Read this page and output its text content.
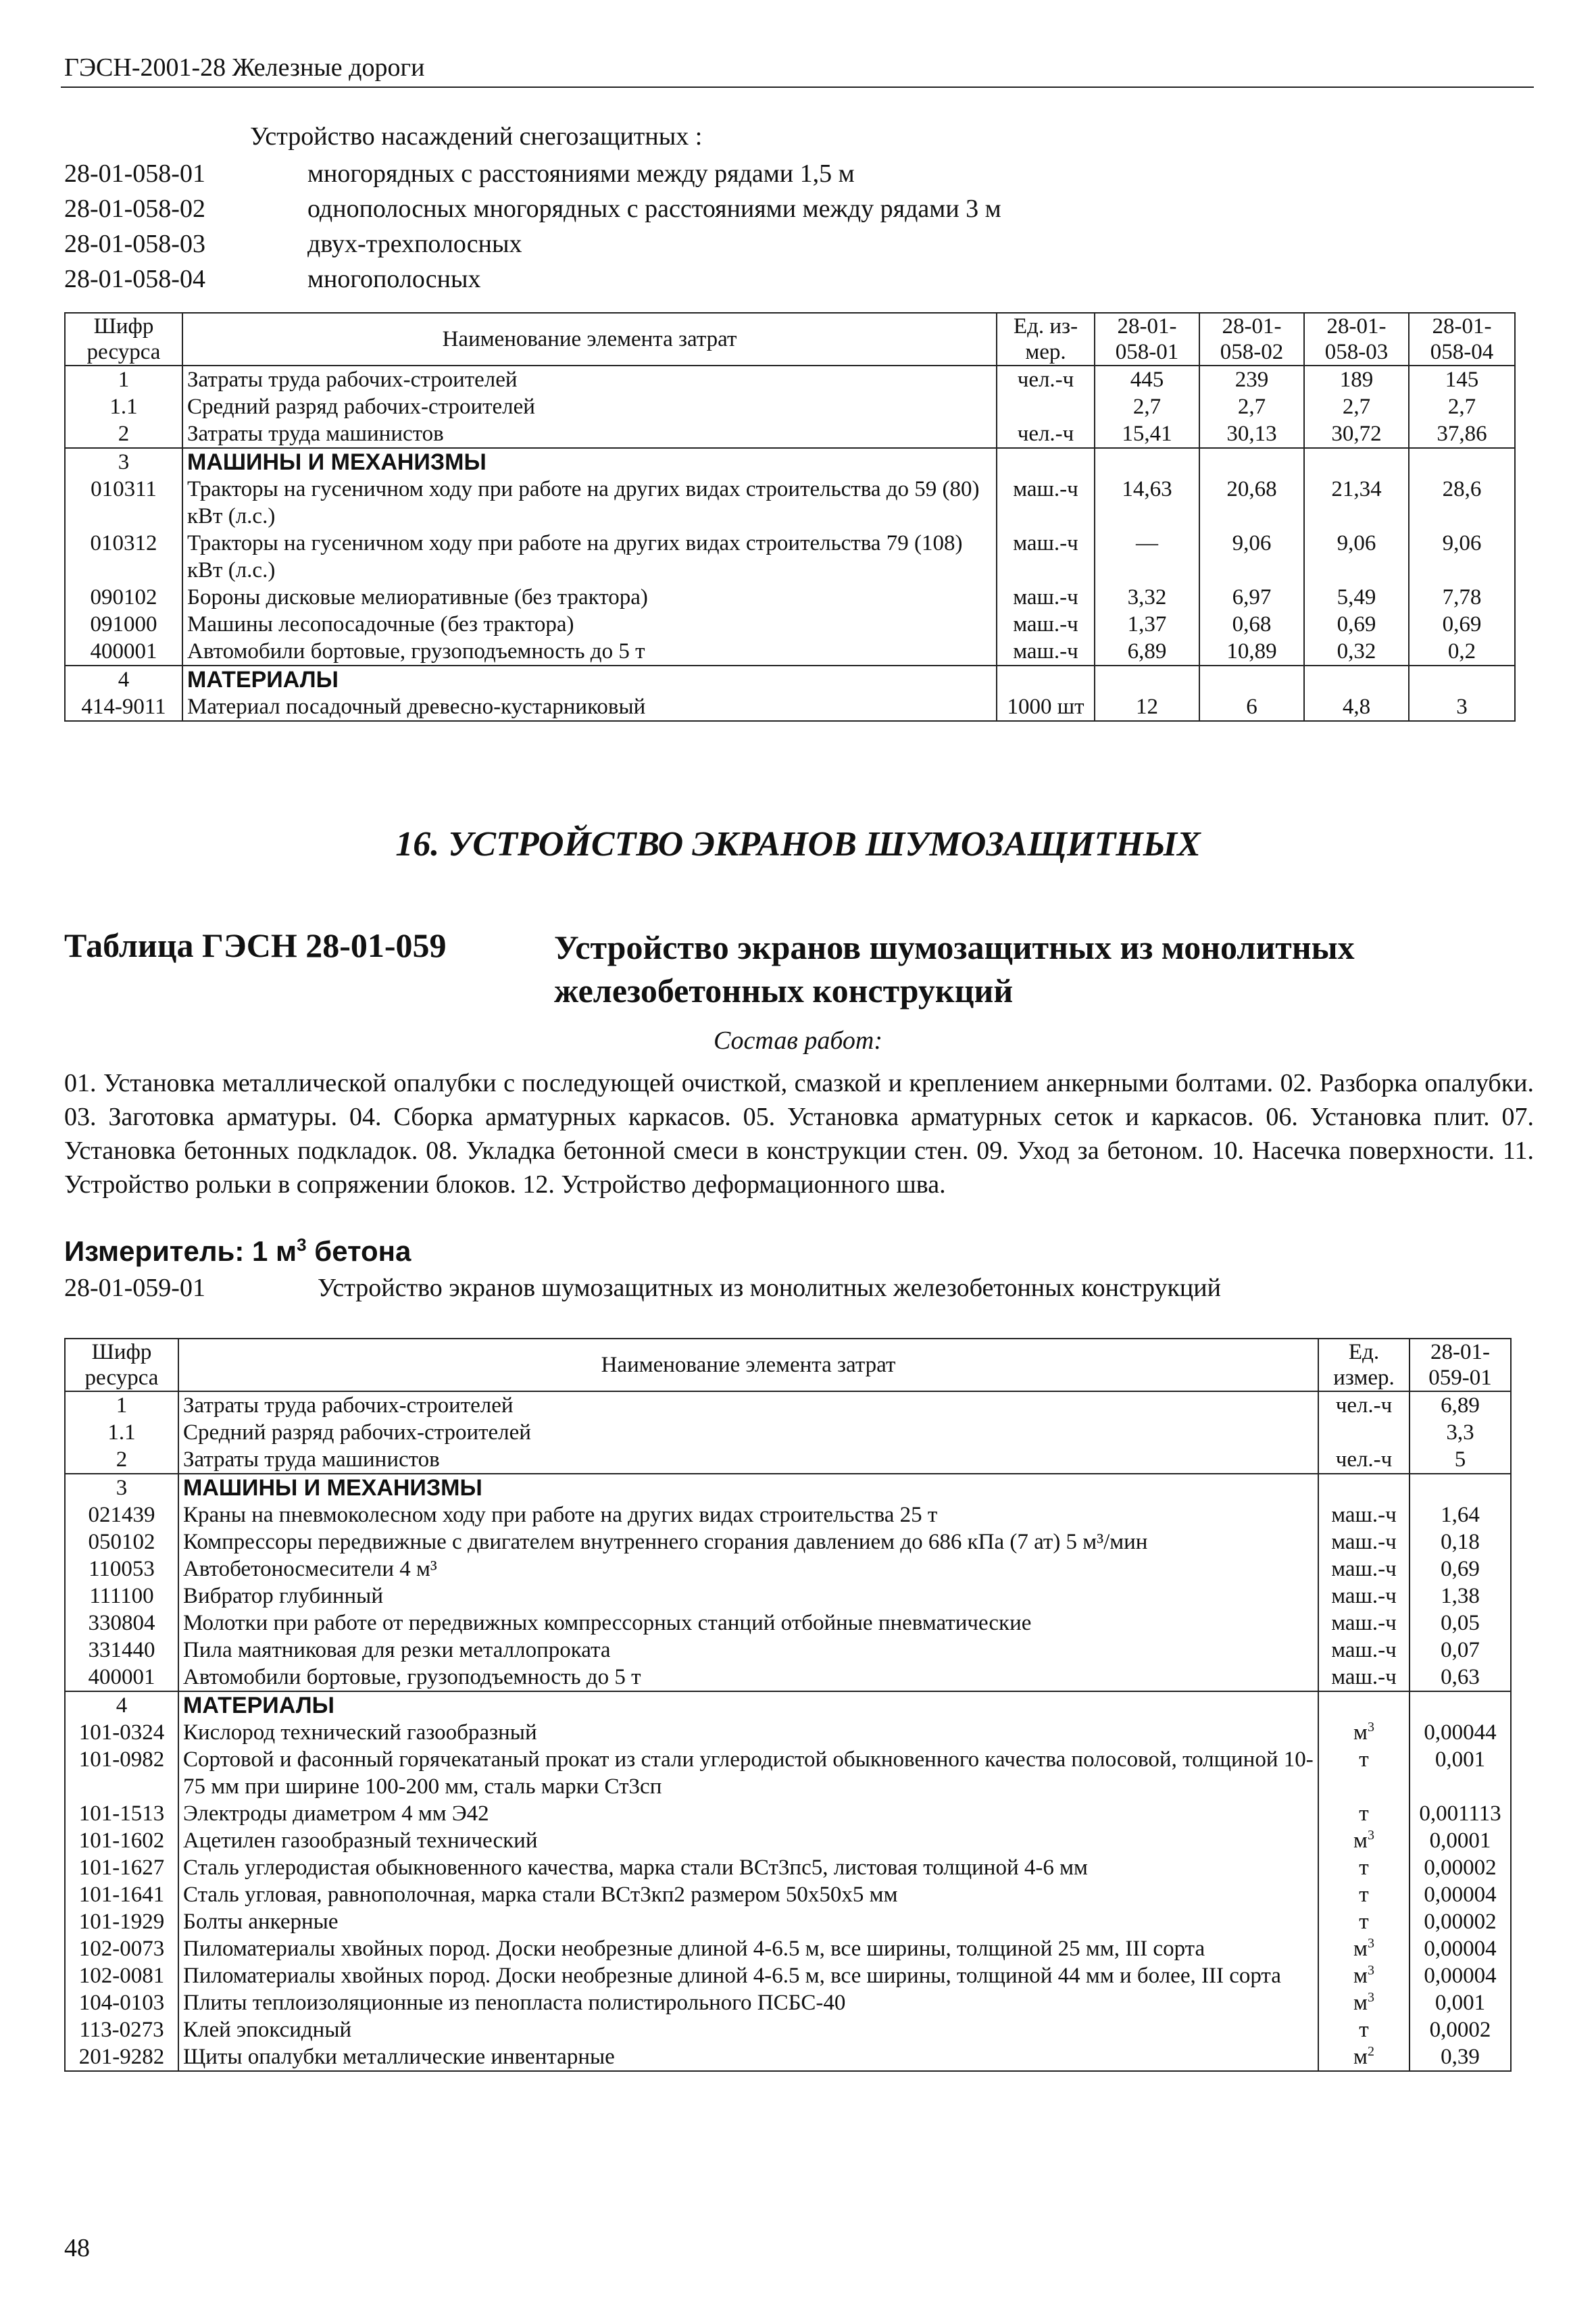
ГЭСН-2001-28 Железные дороги
Устройство насаждений снегозащитных :
28-01-058-01	многорядных с расстояниями между рядами 1,5 м
28-01-058-02	однополосных многорядных с расстояниями между рядами 3 м
28-01-058-03	двух-трехполосных
28-01-058-04	многополосных
Шифр ресурса	Наименование элемента затрат	Ед. из-мер.	28-01-058-01	28-01-058-02	28-01-058-03	28-01-058-04
1	Затраты труда рабочих-строителей	чел.-ч	445	239	189	145
1.1	Средний разряд рабочих-строителей		2,7	2,7	2,7	2,7
2	Затраты труда машинистов	чел.-ч	15,41	30,13	30,72	37,86
3	МАШИНЫ И МЕХАНИЗМЫ					
010311	Тракторы на гусеничном ходу при работе на других видах строительства до 59 (80) кВт (л.с.)	маш.-ч	14,63	20,68	21,34	28,6
010312	Тракторы на гусеничном ходу при работе на других видах строительства 79 (108) кВт (л.с.)	маш.-ч	—	9,06	9,06	9,06
090102	Бороны дисковые мелиоративные (без трактора)	маш.-ч	3,32	6,97	5,49	7,78
091000	Машины лесопосадочные (без трактора)	маш.-ч	1,37	0,68	0,69	0,69
400001	Автомобили бортовые, грузоподъемность до 5 т	маш.-ч	6,89	10,89	0,32	0,2
4	МАТЕРИАЛЫ					
414-9011	Материал посадочный древесно-кустарниковый	1000 шт	12	6	4,8	3
16. УСТРОЙСТВО ЭКРАНОВ ШУМОЗАЩИТНЫХ
Таблица ГЭСН 28-01-059	Устройство экранов шумозащитных из монолитных железобетонных конструкций
Состав работ:
01. Установка металлической опалубки с последующей очисткой, смазкой и креплением анкерными болтами. 02. Разборка опалубки. 03. Заготовка арматуры. 04. Сборка арматурных каркасов. 05. Установка арматурных сеток и каркасов. 06. Установка плит. 07. Установка бетонных подкладок. 08. Укладка бетонной смеси в конструкции стен. 09. Уход за бетоном. 10. Насечка поверхности. 11. Устройство рольки в сопряжении блоков. 12. Устройство деформационного шва.
Измеритель: 1 $м^3$ бетона
28-01-059-01	Устройство экранов шумозащитных из монолитных железобетонных конструкций
Шифр ресурса	Наименование элемента затрат	Ед. измер.	28-01-059-01
1	Затраты труда рабочих-строителей	чел.-ч	6,89
1.1	Средний разряд рабочих-строителей		3,3
2	Затраты труда машинистов	чел.-ч	5
3	МАШИНЫ И МЕХАНИЗМЫ		
021439	Краны на пневмоколесном ходу при работе на других видах строительства 25 т	маш.-ч	1,64
050102	Компрессоры передвижные с двигателем внутреннего сгорания давлением до 686 кПа (7 ат) 5 м³/мин	маш.-ч	0,18
110053	Автобетоносмесители 4 м³	маш.-ч	0,69
111100	Вибратор глубинный	маш.-ч	1,38
330804	Молотки при работе от передвижных компрессорных станций отбойные пневматические	маш.-ч	0,05
331440	Пила маятниковая для резки металлопроката	маш.-ч	0,07
400001	Автомобили бортовые, грузоподъемность до 5 т	маш.-ч	0,63
4	МАТЕРИАЛЫ		
101-0324	Кислород технический газообразный	$м^3$	0,00044
101-0982	Сортовой и фасонный горячекатаный прокат из стали углеродистой обыкновенного качества полосовой, толщиной 10-75 мм при ширине 100-200 мм, сталь марки Ст3сп	т	0,001
101-1513	Электроды диаметром 4 мм Э42	т	0,001113
101-1602	Ацетилен газообразный технический	$м^3$	0,0001
101-1627	Сталь углеродистая обыкновенного качества, марка стали ВСт3пс5, листовая толщиной 4-6 мм	т	0,00002
101-1641	Сталь угловая, равнополочная, марка стали ВСт3кп2 размером 50x50x5 мм	т	0,00004
101-1929	Болты анкерные	т	0,00002
102-0073	Пиломатериалы хвойных пород. Доски необрезные длиной 4-6.5 м, все ширины, толщиной 25 мм, III сорта	$м^3$	0,00004
102-0081	Пиломатериалы хвойных пород. Доски необрезные длиной 4-6.5 м, все ширины, толщиной 44 мм и более, III сорта	$м^3$	0,00004
104-0103	Плиты теплоизоляционные из пенопласта полистирольного ПСБС-40	$м^3$	0,001
113-0273	Клей эпоксидный	т	0,0002
201-9282	Щиты опалубки металлические инвентарные	$м^2$	0,39
48
